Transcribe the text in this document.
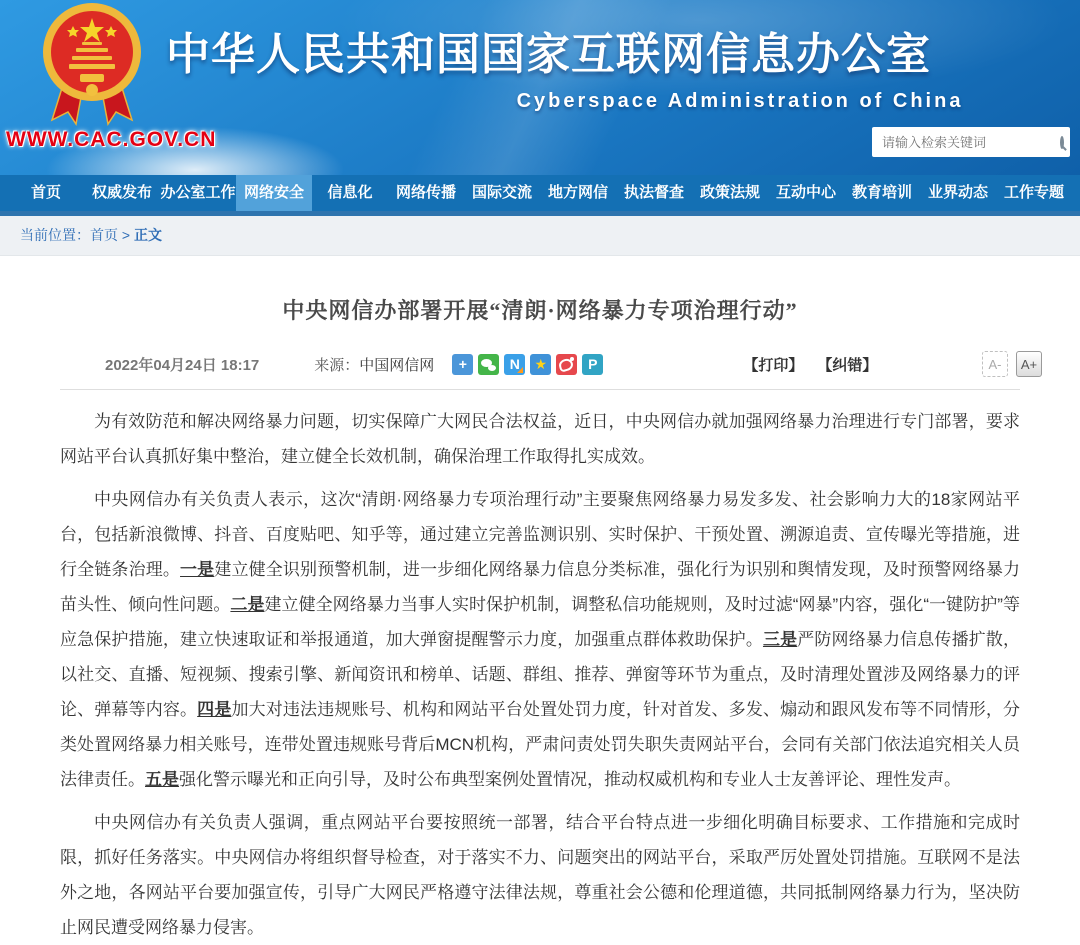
中华人民共和国国家互联网信息办公室
Cyberspace Administration of China
WWW.CAC.GOV.CN
请输入检索关键词
首页	权威发布 办公室工作 网络安全	信息化	网络传播	国际交流	地方网信	执法督查	政策法规	互动中心	教育培训	业界动态	工作专题
当前位置：首页 > 正文
中央网信办部署开展“清朗·网络暴力专项治理行动”
2022年04月24日 18:17	来源： 中国网信网 +	N ★	P	【打印】 【纠错】	A-	A+

为有效防范和解决网络暴力问题，切实保障广大网民合法权益，近日，中央网信办就加强网络暴力治理进行专门部署，要求网站平台认真抓好集中整治，建立健全长效机制，确保治理工作取得扎实成效。

中央网信办有关负责人表示，这次“清朗·网络暴力专项治理行动”主要聚焦网络暴力易发多发、社会影响力大的18家网站平台，包括新浪微博、抖音、百度贴吧、知乎等，通过建立完善监测识别、实时保护、干预处置、溯源追责、宣传曝光等措施，进行全链条治理。一是建立健全识别预警机制，进一步细化网络暴力信息分类标准，强化行为识别和舆情发现，及时预警网络暴力苗头性、倾向性问题。二是建立健全网络暴力当事人实时保护机制，调整私信功能规则，及时过滤“网暴”内容，强化“一键防护”等应急保护措施，建立快速取证和举报通道，加大弹窗提醒警示力度，加强重点群体救助保护。三是严防网络暴力信息传播扩散，以社交、直播、短视频、搜索引擎、新闻资讯和榜单、话题、群组、推荐、弹窗等环节为重点，及时清理处置涉及网络暴力的评论、弹幕等内容。四是加大对违法违规账号、机构和网站平台处置处罚力度，针对首发、多发、煽动和跟风发布等不同情形，分类处置网络暴力相关账号，连带处置违规账号背后MCN机构，严肃问责处罚失职失责网站平台，会同有关部门依法追究相关人员法律责任。五是强化警示曝光和正向引导，及时公布典型案例处置情况，推动权威机构和专业人士友善评论、理性发声。

中央网信办有关负责人强调，重点网站平台要按照统一部署，结合平台特点进一步细化明确目标要求、工作措施和完成时限，抓好任务落实。中央网信办将组织督导检查，对于落实不力、问题突出的网站平台，采取严厉处置处罚措施。互联网不是法外之地，各网站平台要加强宣传，引导广大网民严格遵守法律法规，尊重社会公德和伦理道德，共同抵制网络暴力行为，坚决防止网民遭受网络暴力侵害。
